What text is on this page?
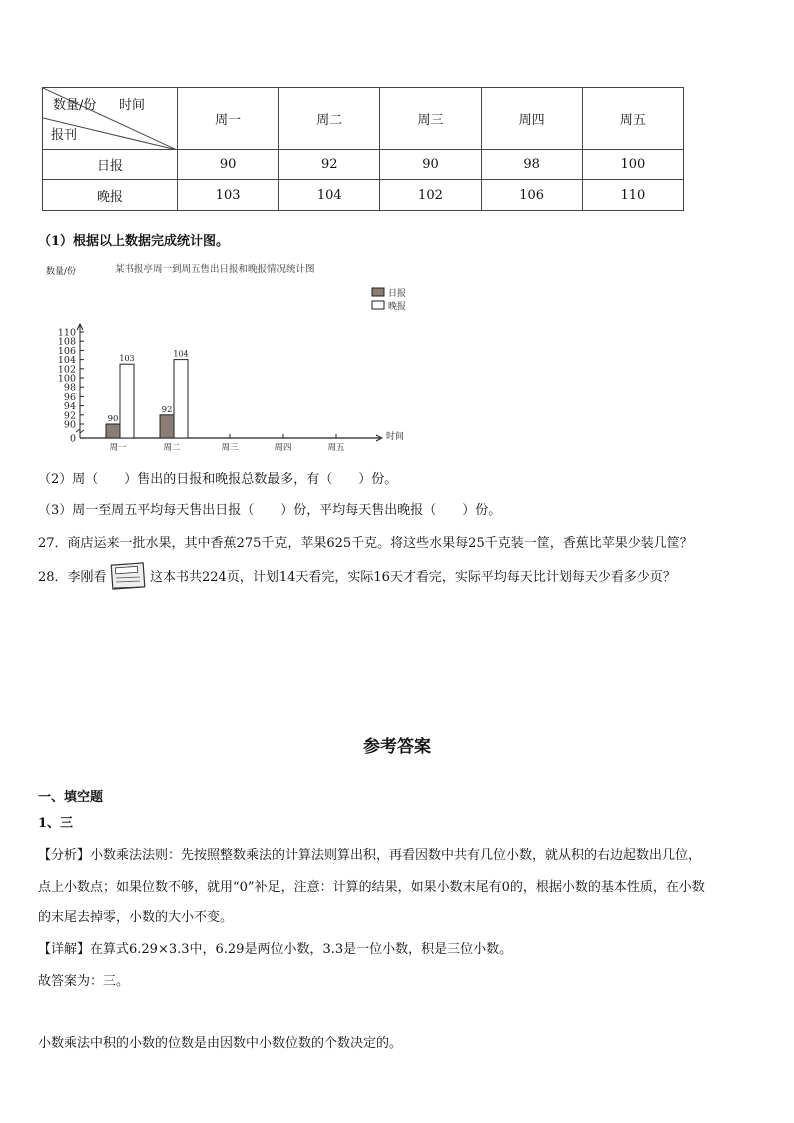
数量/份 时间
报刊	周一	周二	周三	周四	周五
日报	90	92	90	98	100
晚报	103	104	102	106	110
（1）根据以上数据完成统计图。
某书报亭周一到周五售出日报和晚报情况统计图
数量/份
时间
0
90
92
94
96
98
100
102
104
106
108
110
周一	周二	周三	周四	周五
90
92
103
104
日报
晚报
（2）周（　　）售出的日报和晚报总数最多，有（　　）份。
（3）周一至周五平均每天售出日报（　　）份，平均每天售出晚报（　　）份。
27．商店运来一批水果，其中香蕉275千克，苹果625千克。将这些水果每25千克装一筐，香蕉比苹果少装几筐？
28．李刚看	这本书共224页，计划14天看完，实际16天才看完，实际平均每天比计划每天少看多少页？
参考答案
一、填空题
1、三
【分析】小数乘法法则：先按照整数乘法的计算法则算出积，再看因数中共有几位小数，就从积的右边起数出几位，
点上小数点；如果位数不够，就用“0”补足，注意：计算的结果，如果小数末尾有0的，根据小数的基本性质，在小数
的末尾去掉零，小数的大小不变。
【详解】在算式6.29×3.3中，6.29是两位小数，3.3是一位小数，积是三位小数。
故答案为：三。
小数乘法中积的小数的位数是由因数中小数位数的个数决定的。
